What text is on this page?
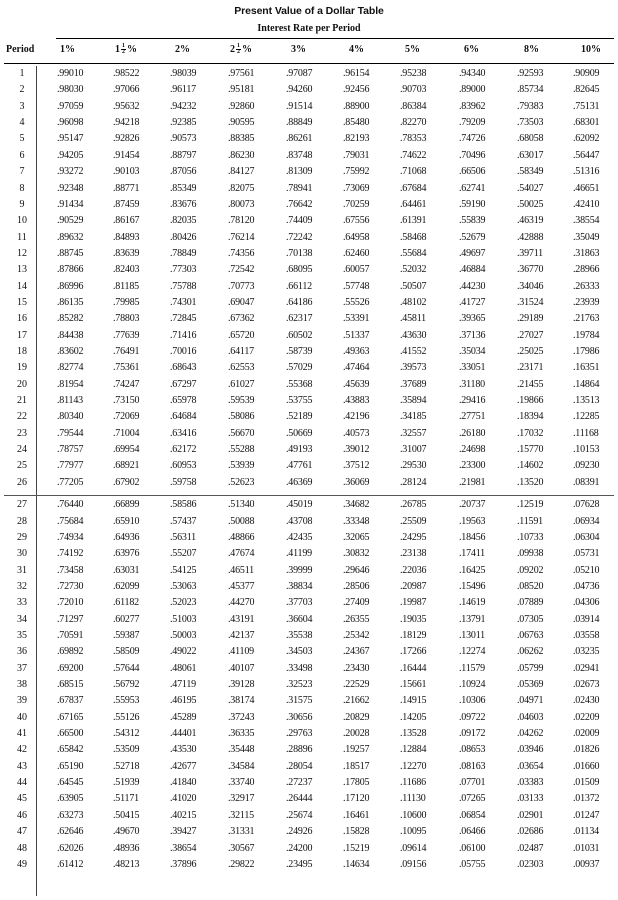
Present Value of a Dollar Table
Interest Rate per Period
Period	1%	$1 \frac{1}{2}$ %	2%	$2 \frac{1}{2}$ %	3%	4%	5%	6%	8%	10%
1	.99010	.98522	.98039	.97561	.97087	.96154	.95238	.94340	.92593	.90909
2	.98030	.97066	.96117	.95181	.94260	.92456	.90703	.89000	.85734	.82645
3	.97059	.95632	.94232	.92860	.91514	.88900	.86384	.83962	.79383	.75131
4	.96098	.94218	.92385	.90595	.88849	.85480	.82270	.79209	.73503	.68301
5	.95147	.92826	.90573	.88385	.86261	.82193	.78353	.74726	.68058	.62092
6	.94205	.91454	.88797	.86230	.83748	.79031	.74622	.70496	.63017	.56447
7	.93272	.90103	.87056	.84127	.81309	.75992	.71068	.66506	.58349	.51316
8	.92348	.88771	.85349	.82075	.78941	.73069	.67684	.62741	.54027	.46651
9	.91434	.87459	.83676	.80073	.76642	.70259	.64461	.59190	.50025	.42410
10	.90529	.86167	.82035	.78120	.74409	.67556	.61391	.55839	.46319	.38554
11	.89632	.84893	.80426	.76214	.72242	.64958	.58468	.52679	.42888	.35049
12	.88745	.83639	.78849	.74356	.70138	.62460	.55684	.49697	.39711	.31863
13	.87866	.82403	.77303	.72542	.68095	.60057	.52032	.46884	.36770	.28966
14	.86996	.81185	.75788	.70773	.66112	.57748	.50507	.44230	.34046	.26333
15	.86135	.79985	.74301	.69047	.64186	.55526	.48102	.41727	.31524	.23939
16	.85282	.78803	.72845	.67362	.62317	.53391	.45811	.39365	.29189	.21763
17	.84438	.77639	.71416	.65720	.60502	.51337	.43630	.37136	.27027	.19784
18	.83602	.76491	.70016	.64117	.58739	.49363	.41552	.35034	.25025	.17986
19	.82774	.75361	.68643	.62553	.57029	.47464	.39573	.33051	.23171	.16351
20	.81954	.74247	.67297	.61027	.55368	.45639	.37689	.31180	.21455	.14864
21	.81143	.73150	.65978	.59539	.53755	.43883	.35894	.29416	.19866	.13513
22	.80340	.72069	.64684	.58086	.52189	.42196	.34185	.27751	.18394	.12285
23	.79544	.71004	.63416	.56670	.50669	.40573	.32557	.26180	.17032	.11168
24	.78757	.69954	.62172	.55288	.49193	.39012	.31007	.24698	.15770	.10153
25	.77977	.68921	.60953	.53939	.47761	.37512	.29530	.23300	.14602	.09230
26	.77205	.67902	.59758	.52623	.46369	.36069	.28124	.21981	.13520	.08391
27	.76440	.66899	.58586	.51340	.45019	.34682	.26785	.20737	.12519	.07628
28	.75684	.65910	.57437	.50088	.43708	.33348	.25509	.19563	.11591	.06934
29	.74934	.64936	.56311	.48866	.42435	.32065	.24295	.18456	.10733	.06304
30	.74192	.63976	.55207	.47674	.41199	.30832	.23138	.17411	.09938	.05731
31	.73458	.63031	.54125	.46511	.39999	.29646	.22036	.16425	.09202	.05210
32	.72730	.62099	.53063	.45377	.38834	.28506	.20987	.15496	.08520	.04736
33	.72010	.61182	.52023	.44270	.37703	.27409	.19987	.14619	.07889	.04306
34	.71297	.60277	.51003	.43191	.36604	.26355	.19035	.13791	.07305	.03914
35	.70591	.59387	.50003	.42137	.35538	.25342	.18129	.13011	.06763	.03558
36	.69892	.58509	.49022	.41109	.34503	.24367	.17266	.12274	.06262	.03235
37	.69200	.57644	.48061	.40107	.33498	.23430	.16444	.11579	.05799	.02941
38	.68515	.56792	.47119	.39128	.32523	.22529	.15661	.10924	.05369	.02673
39	.67837	.55953	.46195	.38174	.31575	.21662	.14915	.10306	.04971	.02430
40	.67165	.55126	.45289	.37243	.30656	.20829	.14205	.09722	.04603	.02209
41	.66500	.54312	.44401	.36335	.29763	.20028	.13528	.09172	.04262	.02009
42	.65842	.53509	.43530	.35448	.28896	.19257	.12884	.08653	.03946	.01826
43	.65190	.52718	.42677	.34584	.28054	.18517	.12270	.08163	.03654	.01660
44	.64545	.51939	.41840	.33740	.27237	.17805	.11686	.07701	.03383	.01509
45	.63905	.51171	.41020	.32917	.26444	.17120	.11130	.07265	.03133	.01372
46	.63273	.50415	.40215	.32115	.25674	.16461	.10600	.06854	.02901	.01247
47	.62646	.49670	.39427	.31331	.24926	.15828	.10095	.06466	.02686	.01134
48	.62026	.48936	.38654	.30567	.24200	.15219	.09614	.06100	.02487	.01031
49	.61412	.48213	.37896	.29822	.23495	.14634	.09156	.05755	.02303	.00937
